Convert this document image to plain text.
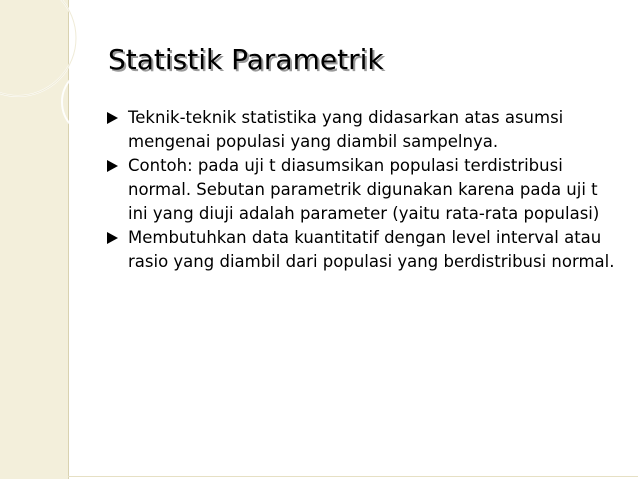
Statistik Parametrik
Teknik-teknik statistika yang didasarkan atas asumsi mengenai populasi yang diambil sampelnya.
Contoh: pada uji t diasumsikan populasi terdistribusi normal. Sebutan parametrik digunakan karena pada uji t ini yang diuji adalah parameter (yaitu rata-rata populasi)
Membutuhkan data kuantitatif dengan level interval atau rasio yang diambil dari populasi yang berdistribusi normal.
